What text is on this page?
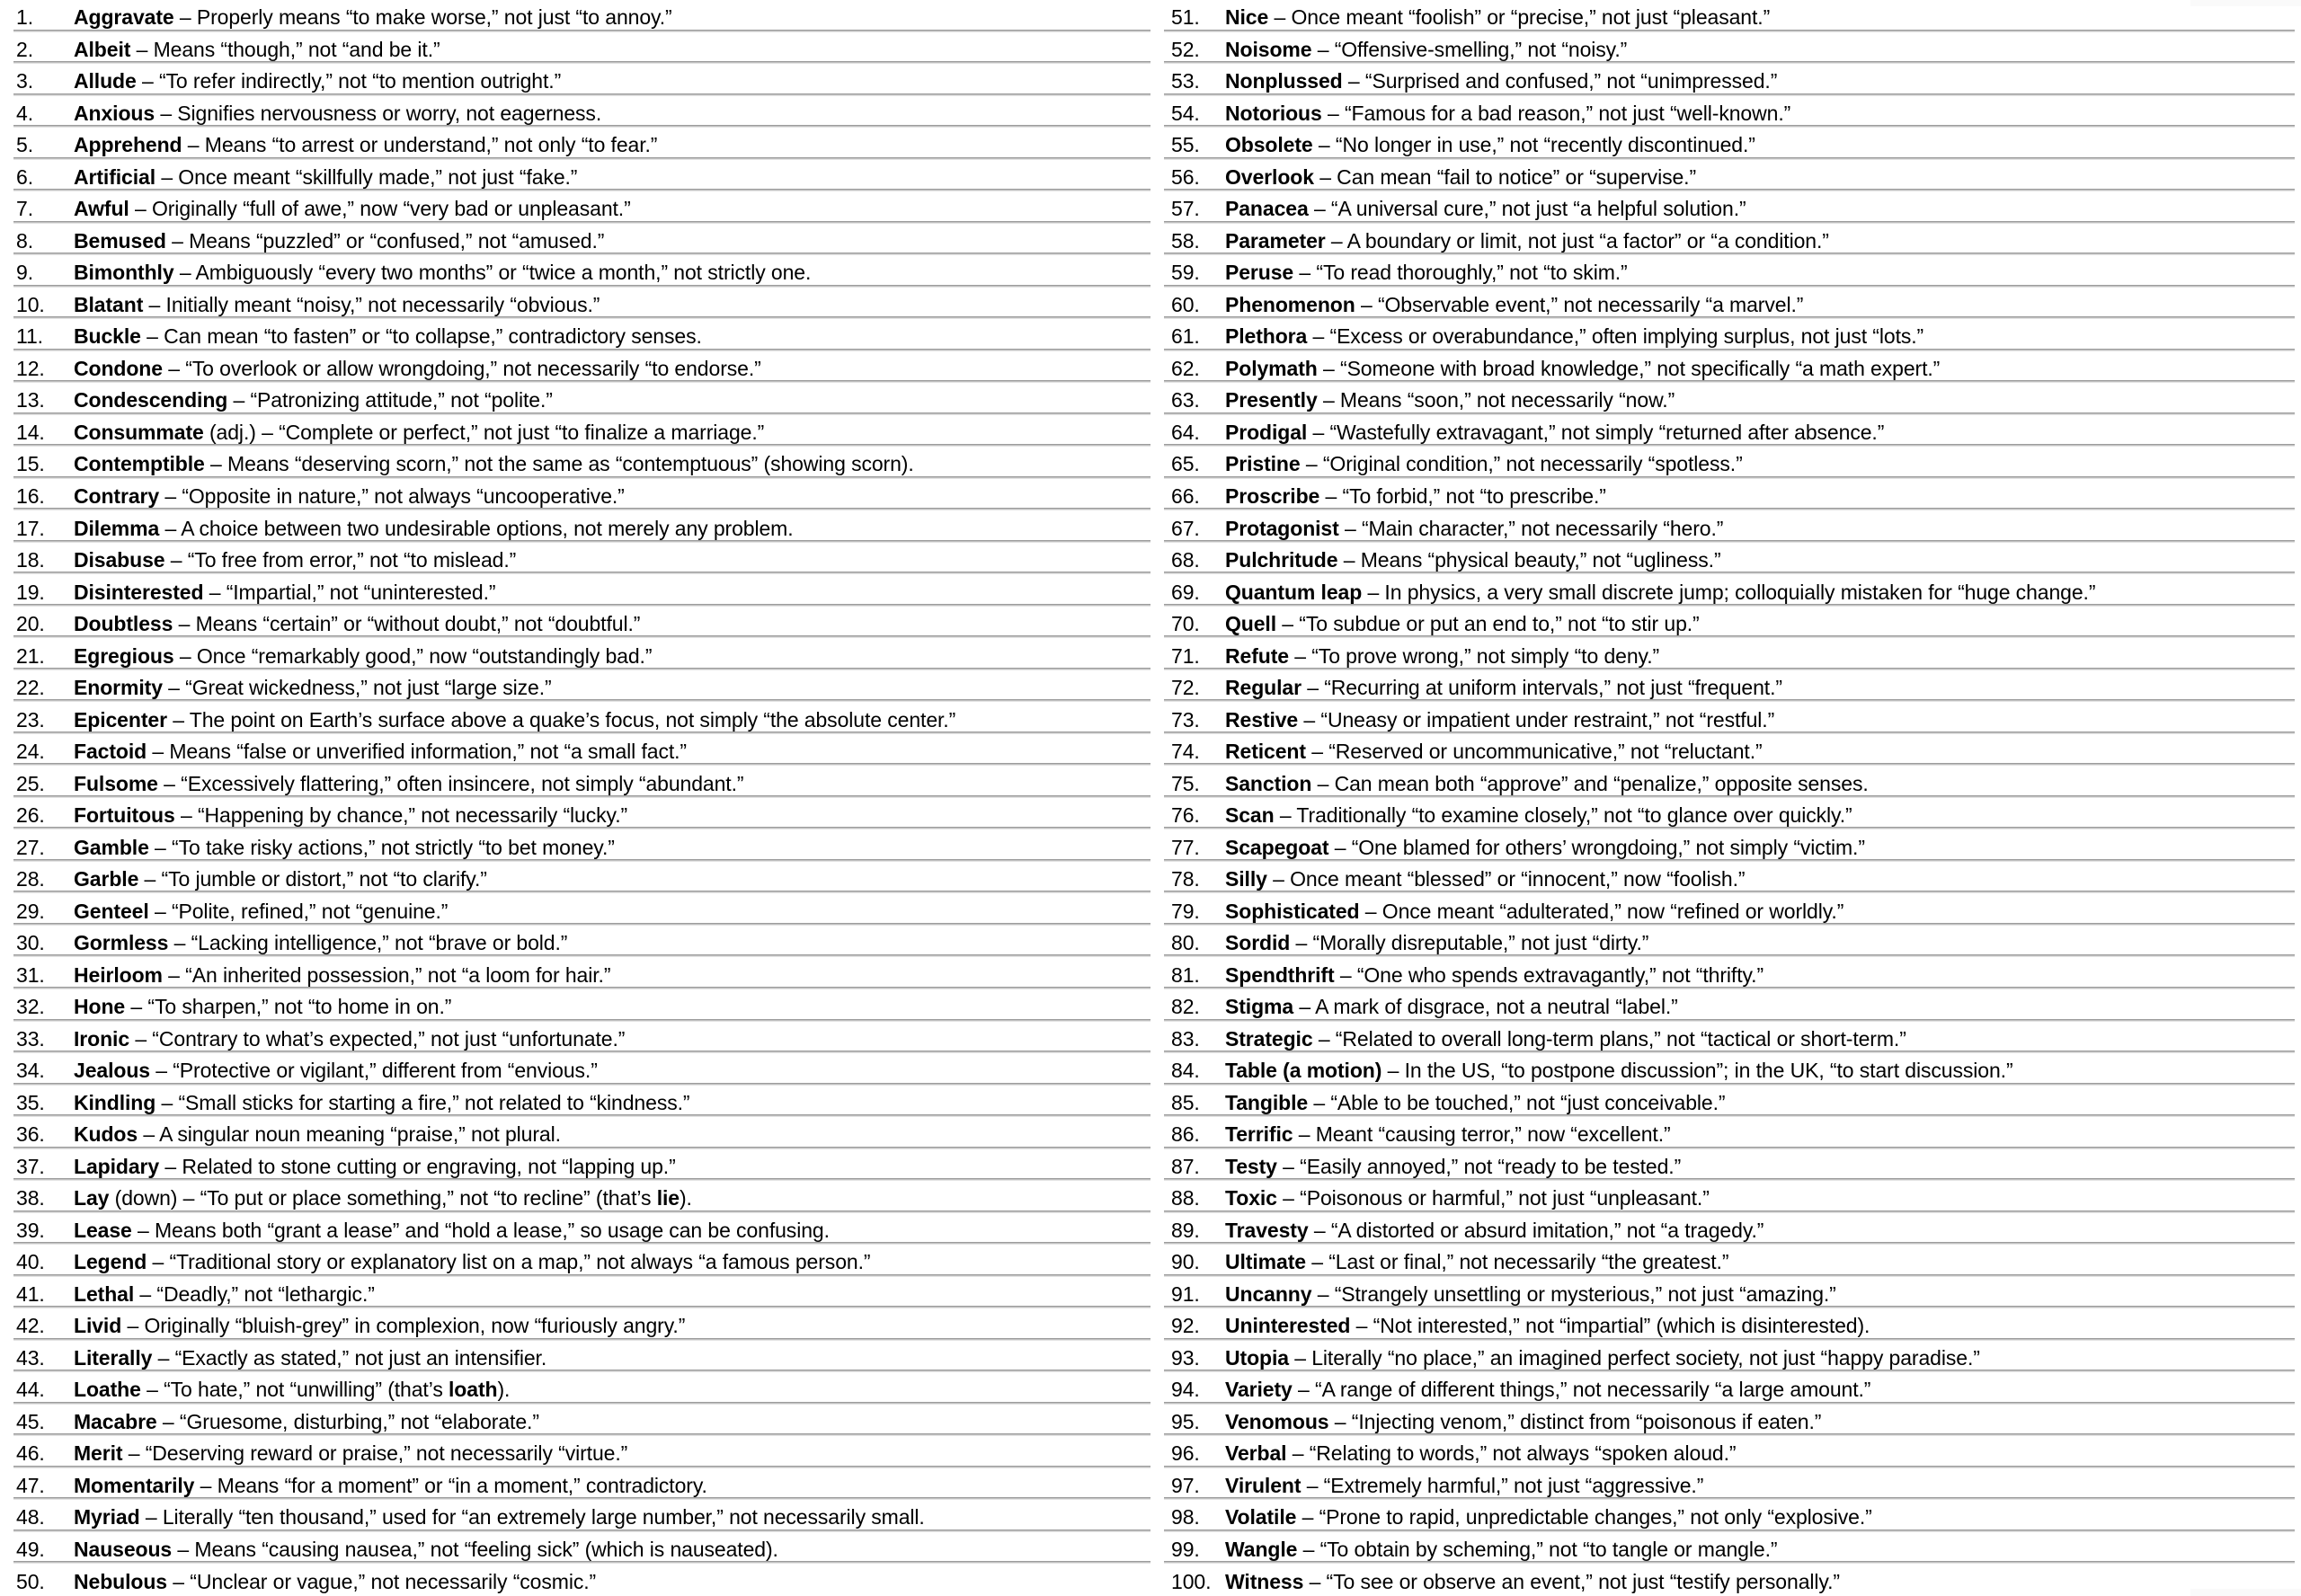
1.	Aggravate – Properly means “to make worse,” not just “to annoy.”
2.	Albeit – Means “though,” not “and be it.”
3.	Allude – “To refer indirectly,” not “to mention outright.”
4.	Anxious – Signifies nervousness or worry, not eagerness.
5.	Apprehend – Means “to arrest or understand,” not only “to fear.”
6.	Artificial – Once meant “skillfully made,” not just “fake.”
7.	Awful – Originally “full of awe,” now “very bad or unpleasant.”
8.	Bemused – Means “puzzled” or “confused,” not “amused.”
9.	Bimonthly – Ambiguously “every two months” or “twice a month,” not strictly one.
10.	Blatant – Initially meant “noisy,” not necessarily “obvious.”
11.	Buckle – Can mean “to fasten” or “to collapse,” contradictory senses.
12.	Condone – “To overlook or allow wrongdoing,” not necessarily “to endorse.”
13.	Condescending – “Patronizing attitude,” not “polite.”
14.	Consummate (adj.) – “Complete or perfect,” not just “to finalize a marriage.”
15.	Contemptible – Means “deserving scorn,” not the same as “contemptuous” (showing scorn).
16.	Contrary – “Opposite in nature,” not always “uncooperative.”
17.	Dilemma – A choice between two undesirable options, not merely any problem.
18.	Disabuse – “To free from error,” not “to mislead.”
19.	Disinterested – “Impartial,” not “uninterested.”
20.	Doubtless – Means “certain” or “without doubt,” not “doubtful.”
21.	Egregious – Once “remarkably good,” now “outstandingly bad.”
22.	Enormity – “Great wickedness,” not just “large size.”
23.	Epicenter – The point on Earth’s surface above a quake’s focus, not simply “the absolute center.”
24.	Factoid – Means “false or unverified information,” not “a small fact.”
25.	Fulsome – “Excessively flattering,” often insincere, not simply “abundant.”
26.	Fortuitous – “Happening by chance,” not necessarily “lucky.”
27.	Gamble – “To take risky actions,” not strictly “to bet money.”
28.	Garble – “To jumble or distort,” not “to clarify.”
29.	Genteel – “Polite, refined,” not “genuine.”
30.	Gormless – “Lacking intelligence,” not “brave or bold.”
31.	Heirloom – “An inherited possession,” not “a loom for hair.”
32.	Hone – “To sharpen,” not “to home in on.”
33.	Ironic – “Contrary to what’s expected,” not just “unfortunate.”
34.	Jealous – “Protective or vigilant,” different from “envious.”
35.	Kindling – “Small sticks for starting a fire,” not related to “kindness.”
36.	Kudos – A singular noun meaning “praise,” not plural.
37.	Lapidary – Related to stone cutting or engraving, not “lapping up.”
38.	Lay (down) – “To put or place something,” not “to recline” (that’s lie).
39.	Lease – Means both “grant a lease” and “hold a lease,” so usage can be confusing.
40.	Legend – “Traditional story or explanatory list on a map,” not always “a famous person.”
41.	Lethal – “Deadly,” not “lethargic.”
42.	Livid – Originally “bluish-grey” in complexion, now “furiously angry.”
43.	Literally – “Exactly as stated,” not just an intensifier.
44.	Loathe – “To hate,” not “unwilling” (that’s loath).
45.	Macabre – “Gruesome, disturbing,” not “elaborate.”
46.	Merit – “Deserving reward or praise,” not necessarily “virtue.”
47.	Momentarily – Means “for a moment” or “in a moment,” contradictory.
48.	Myriad – Literally “ten thousand,” used for “an extremely large number,” not necessarily small.
49.	Nauseous – Means “causing nausea,” not “feeling sick” (which is nauseated).
50.	Nebulous – “Unclear or vague,” not necessarily “cosmic.”
51.	Nice – Once meant “foolish” or “precise,” not just “pleasant.”
52.	Noisome – “Offensive-smelling,” not “noisy.”
53.	Nonplussed – “Surprised and confused,” not “unimpressed.”
54.	Notorious – “Famous for a bad reason,” not just “well-known.”
55.	Obsolete – “No longer in use,” not “recently discontinued.”
56.	Overlook – Can mean “fail to notice” or “supervise.”
57.	Panacea – “A universal cure,” not just “a helpful solution.”
58.	Parameter – A boundary or limit, not just “a factor” or “a condition.”
59.	Peruse – “To read thoroughly,” not “to skim.”
60.	Phenomenon – “Observable event,” not necessarily “a marvel.”
61.	Plethora – “Excess or overabundance,” often implying surplus, not just “lots.”
62.	Polymath – “Someone with broad knowledge,” not specifically “a math expert.”
63.	Presently – Means “soon,” not necessarily “now.”
64.	Prodigal – “Wastefully extravagant,” not simply “returned after absence.”
65.	Pristine – “Original condition,” not necessarily “spotless.”
66.	Proscribe – “To forbid,” not “to prescribe.”
67.	Protagonist – “Main character,” not necessarily “hero.”
68.	Pulchritude – Means “physical beauty,” not “ugliness.”
69.	Quantum leap – In physics, a very small discrete jump; colloquially mistaken for “huge change.”
70.	Quell – “To subdue or put an end to,” not “to stir up.”
71.	Refute – “To prove wrong,” not simply “to deny.”
72.	Regular – “Recurring at uniform intervals,” not just “frequent.”
73.	Restive – “Uneasy or impatient under restraint,” not “restful.”
74.	Reticent – “Reserved or uncommunicative,” not “reluctant.”
75.	Sanction – Can mean both “approve” and “penalize,” opposite senses.
76.	Scan – Traditionally “to examine closely,” not “to glance over quickly.”
77.	Scapegoat – “One blamed for others’ wrongdoing,” not simply “victim.”
78.	Silly – Once meant “blessed” or “innocent,” now “foolish.”
79.	Sophisticated – Once meant “adulterated,” now “refined or worldly.”
80.	Sordid – “Morally disreputable,” not just “dirty.”
81.	Spendthrift – “One who spends extravagantly,” not “thrifty.”
82.	Stigma – A mark of disgrace, not a neutral “label.”
83.	Strategic – “Related to overall long-term plans,” not “tactical or short-term.”
84.	Table (a motion) – In the US, “to postpone discussion”; in the UK, “to start discussion.”
85.	Tangible – “Able to be touched,” not “just conceivable.”
86.	Terrific – Meant “causing terror,” now “excellent.”
87.	Testy – “Easily annoyed,” not “ready to be tested.”
88.	Toxic – “Poisonous or harmful,” not just “unpleasant.”
89.	Travesty – “A distorted or absurd imitation,” not “a tragedy.”
90.	Ultimate – “Last or final,” not necessarily “the greatest.”
91.	Uncanny – “Strangely unsettling or mysterious,” not just “amazing.”
92.	Uninterested – “Not interested,” not “impartial” (which is disinterested).
93.	Utopia – Literally “no place,” an imagined perfect society, not just “happy paradise.”
94.	Variety – “A range of different things,” not necessarily “a large amount.”
95.	Venomous – “Injecting venom,” distinct from “poisonous if eaten.”
96.	Verbal – “Relating to words,” not always “spoken aloud.”
97.	Virulent – “Extremely harmful,” not just “aggressive.”
98.	Volatile – “Prone to rapid, unpredictable changes,” not only “explosive.”
99.	Wangle – “To obtain by scheming,” not “to tangle or mangle.”
100. Witness – “To see or observe an event,” not just “testify personally.”
